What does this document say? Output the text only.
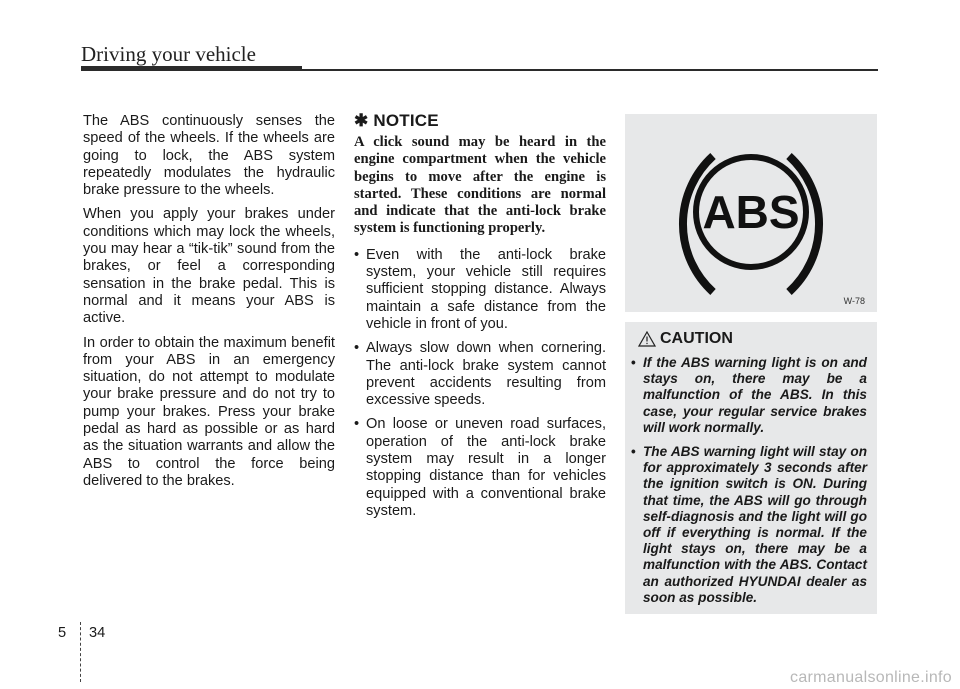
Driving your vehicle

The ABS continuously senses the speed of the wheels. If the wheels are going to lock, the ABS system repeatedly modulates the hydraulic brake pressure to the wheels.

When you apply your brakes under conditions which may lock the wheels, you may hear a “tik-tik” sound from the brakes, or feel a corresponding sensation in the brake pedal. This is normal and it means your ABS is active.

In order to obtain the maximum benefit from your ABS in an emergency situation, do not attempt to modulate your brake pressure and do not try to pump your brakes. Press your brake pedal as hard as possible or as hard as the situation warrants and allow the ABS to control the force being delivered to the brakes.

✱ NOTICE
A click sound may be heard in the engine compartment when the vehicle begins to move after the engine is started. These conditions are normal and indicate that the anti-lock brake system is functioning properly.
• Even with the anti-lock brake system, your vehicle still requires sufficient stopping distance. Always maintain a safe distance from the vehicle in front of you.
• Always slow down when cornering. The anti-lock brake system cannot prevent accidents resulting from excessive speeds.
• On loose or uneven road surfaces, operation of the anti-lock brake system may result in a longer stopping distance than for vehicles equipped with a conventional brake system.
ABS
W-78
CAUTION
• If the ABS warning light is on and stays on, there may be a malfunction of the ABS. In this case, your regular service brakes will work normally.
• The ABS warning light will stay on for approximately 3 seconds after the ignition switch is ON. During that time, the ABS will go through self-diagnosis and the light will go off if everything is normal. If the light stays on, there may be a malfunction with the ABS. Contact an authorized HYUNDAI dealer as soon as possible.
5 34
carmanualsonline.info
